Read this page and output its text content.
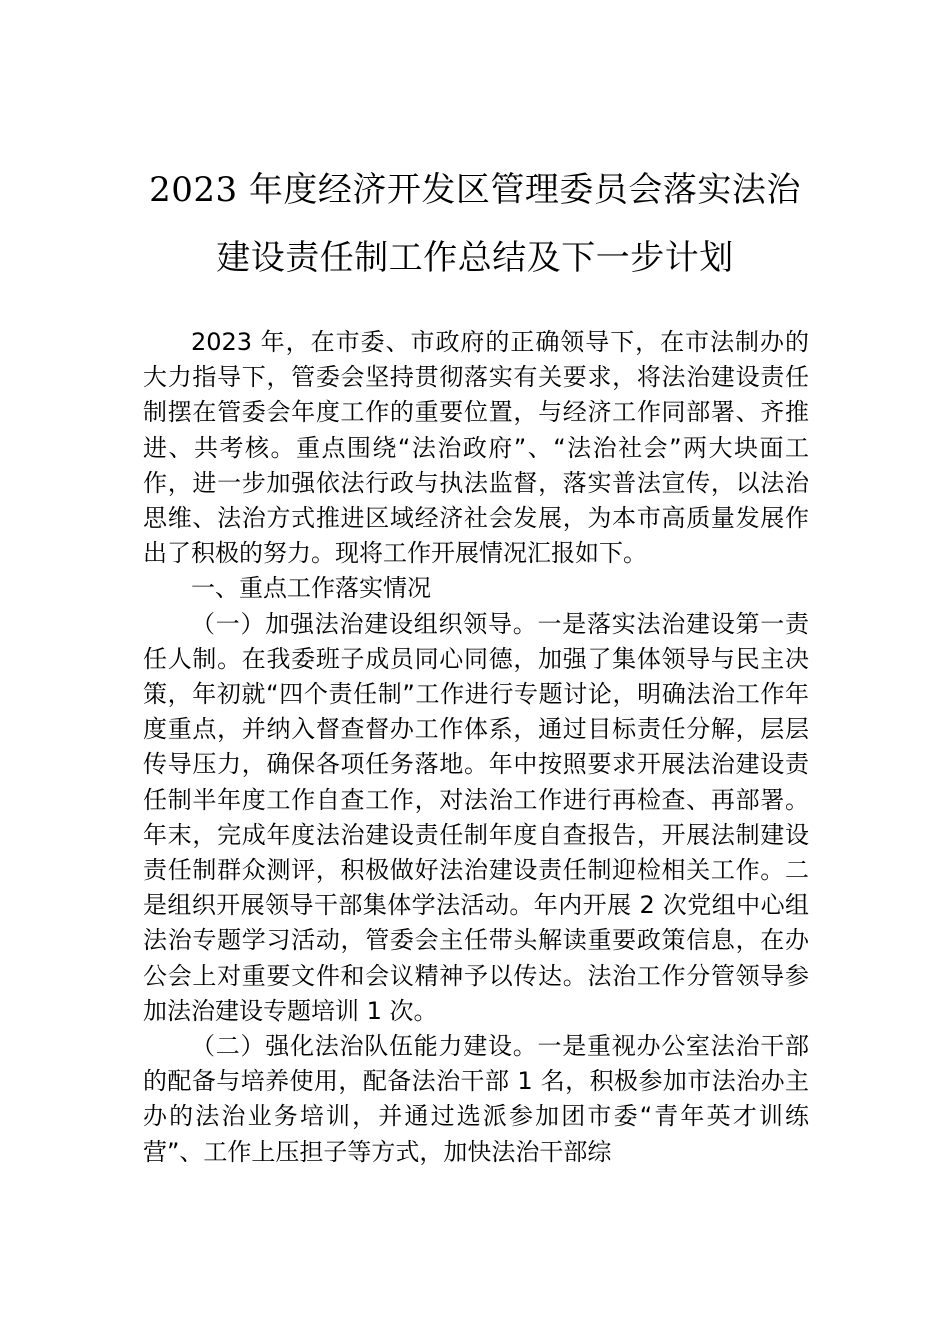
2023 年度经济开发区管理委员会落实法治
建设责任制工作总结及下一步计划

2023 年，在市委、市政府的正确领导下，在市法制办的大力指导下，管委会坚持贯彻落实有关要求，将法治建设责任制摆在管委会年度工作的重要位置，与经济工作同部署、齐推进、共考核。重点围绕“法治政府”、“法治社会”两大块面工作，进一步加强依法行政与执法监督，落实普法宣传，以法治思维、法治方式推进区域经济社会发展，为本市高质量发展作出了积极的努力。现将工作开展情况汇报如下。

一、重点工作落实情况

（一）加强法治建设组织领导。一是落实法治建设第一责任人制。在我委班子成员同心同德，加强了集体领导与民主决策，年初就“四个责任制”工作进行专题讨论，明确法治工作年度重点，并纳入督查督办工作体系，通过目标责任分解，层层传导压力，确保各项任务落地。年中按照要求开展法治建设责任制半年度工作自查工作，对法治工作进行再检查、再部署。年末，完成年度法治建设责任制年度自查报告，开展法制建设责任制群众测评，积极做好法治建设责任制迎检相关工作。二是组织开展领导干部集体学法活动。年内开展 2 次党组中心组法治专题学习活动，管委会主任带头解读重要政策信息，在办公会上对重要文件和会议精神予以传达。法治工作分管领导参加法治建设专题培训 1 次。

（二）强化法治队伍能力建设。一是重视办公室法治干部的配备与培养使用，配备法治干部 1 名，积极参加市法治办主办的法治业务培训，并通过选派参加团市委“青年英才训练营”、工作上压担子等方式，加快法治干部综
